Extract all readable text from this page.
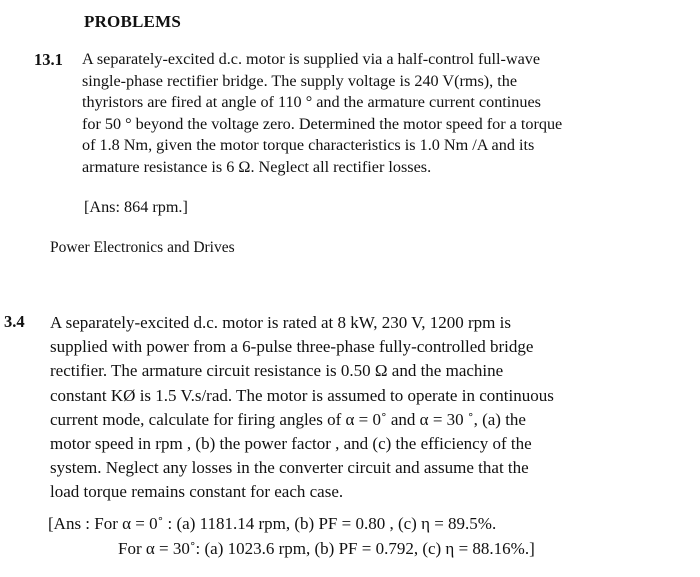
PROBLEMS
13.1 A separately-excited d.c. motor is supplied via a half-control full-wave
single-phase rectifier bridge. The supply voltage is 240 V(rms), the
thyristors are fired at angle of 110 ° and the armature current continues
for 50 ° beyond the voltage zero. Determined the motor speed for a torque
of 1.8 Nm, given the motor torque characteristics is 1.0 Nm /A and its
armature resistance is 6 Ω. Neglect all rectifier losses.
[Ans: 864 rpm.]
Power Electronics and Drives
3.4 A separately-excited d.c. motor is rated at 8 kW, 230 V, 1200 rpm is
supplied with power from a 6-pulse three-phase fully-controlled bridge
rectifier. The armature circuit resistance is 0.50 Ω and the machine
constant KØ is 1.5 V.s/rad. The motor is assumed to operate in continuous
current mode, calculate for firing angles of α = 0˚ and α = 30 ˚, (a) the
motor speed in rpm , (b) the power factor , and (c) the efficiency of the
system. Neglect any losses in the converter circuit and assume that the
load torque remains constant for each case.
[Ans : For α = 0˚ : (a) 1181.14 rpm, (b) PF = 0.80 , (c) η = 89.5%.
For α = 30˚: (a) 1023.6 rpm, (b) PF = 0.792, (c) η = 88.16%.]
